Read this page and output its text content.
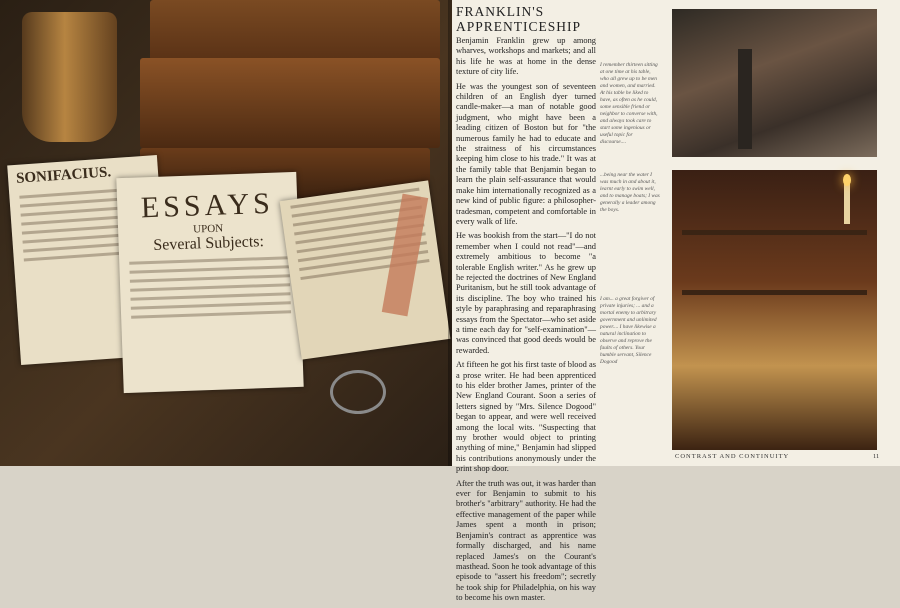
SONIFACIUS.
ESSAYS
UPON
Several Subjects:
FRANKLIN'S
APPRENTICESHIP

Benjamin Franklin grew up among wharves, workshops and markets; and all his life he was at home in the dense texture of city life.

He was the youngest son of seventeen children of an English dyer turned candle-maker—a man of notable good judgment, who might have been a leading citizen of Boston but for "the numerous family he had to educate and the straitness of his circumstances keeping him close to his trade." It was at the family table that Benjamin began to learn the plain self-assurance that would make him internationally recognized as a new kind of public figure: a philosopher-tradesman, competent and comfortable in every walk of life.

He was bookish from the start—"I do not remember when I could not read"—and extremely ambitious to become "a tolerable English writer." As he grew up he rejected the doctrines of New England Puritanism, but he still took advantage of its discipline. The boy who trained his style by paraphrasing and reparaphrasing essays from the Spectator—who set aside a time each day for "self-examination"—was convinced that good deeds would be rewarded.

At fifteen he got his first taste of blood as a prose writer. He had been apprenticed to his elder brother James, printer of the New England Courant. Soon a series of letters signed by "Mrs. Silence Dogood" began to appear, and were well received among the local wits. "Suspecting that my brother would object to printing anything of mine," Benjamin had slipped his contributions anonymously under the print shop door.

After the truth was out, it was harder than ever for Benjamin to submit to his brother's "arbitrary" authority. He had the effective management of the paper while James spent a month in prison; Benjamin's contract as apprentice was formally discharged, and his name replaced James's on the Courant's masthead. Soon he took advantage of this episode to "assert his freedom"; secretly he took ship for Philadelphia, on his way to become his own master.

I remember thirteen sitting at one time at his table, who all grew up to be men and women, and married. At his table he liked to have, as often as he could, some sensible friend or neighbor to converse with, and always took care to start some ingenious or useful topic for discourse....
...being near the water I was much in and about it, learnt early to swim well, and to manage boats; I was generally a leader among the boys.
I am... a great forgiver of private injuries; ... and a mortal enemy to arbitrary government and unlimited power.... I have likewise a natural inclination to observe and reprove the faults of others. Your humble servant, Silence Dogood
CONTRAST AND CONTINUITY	11
